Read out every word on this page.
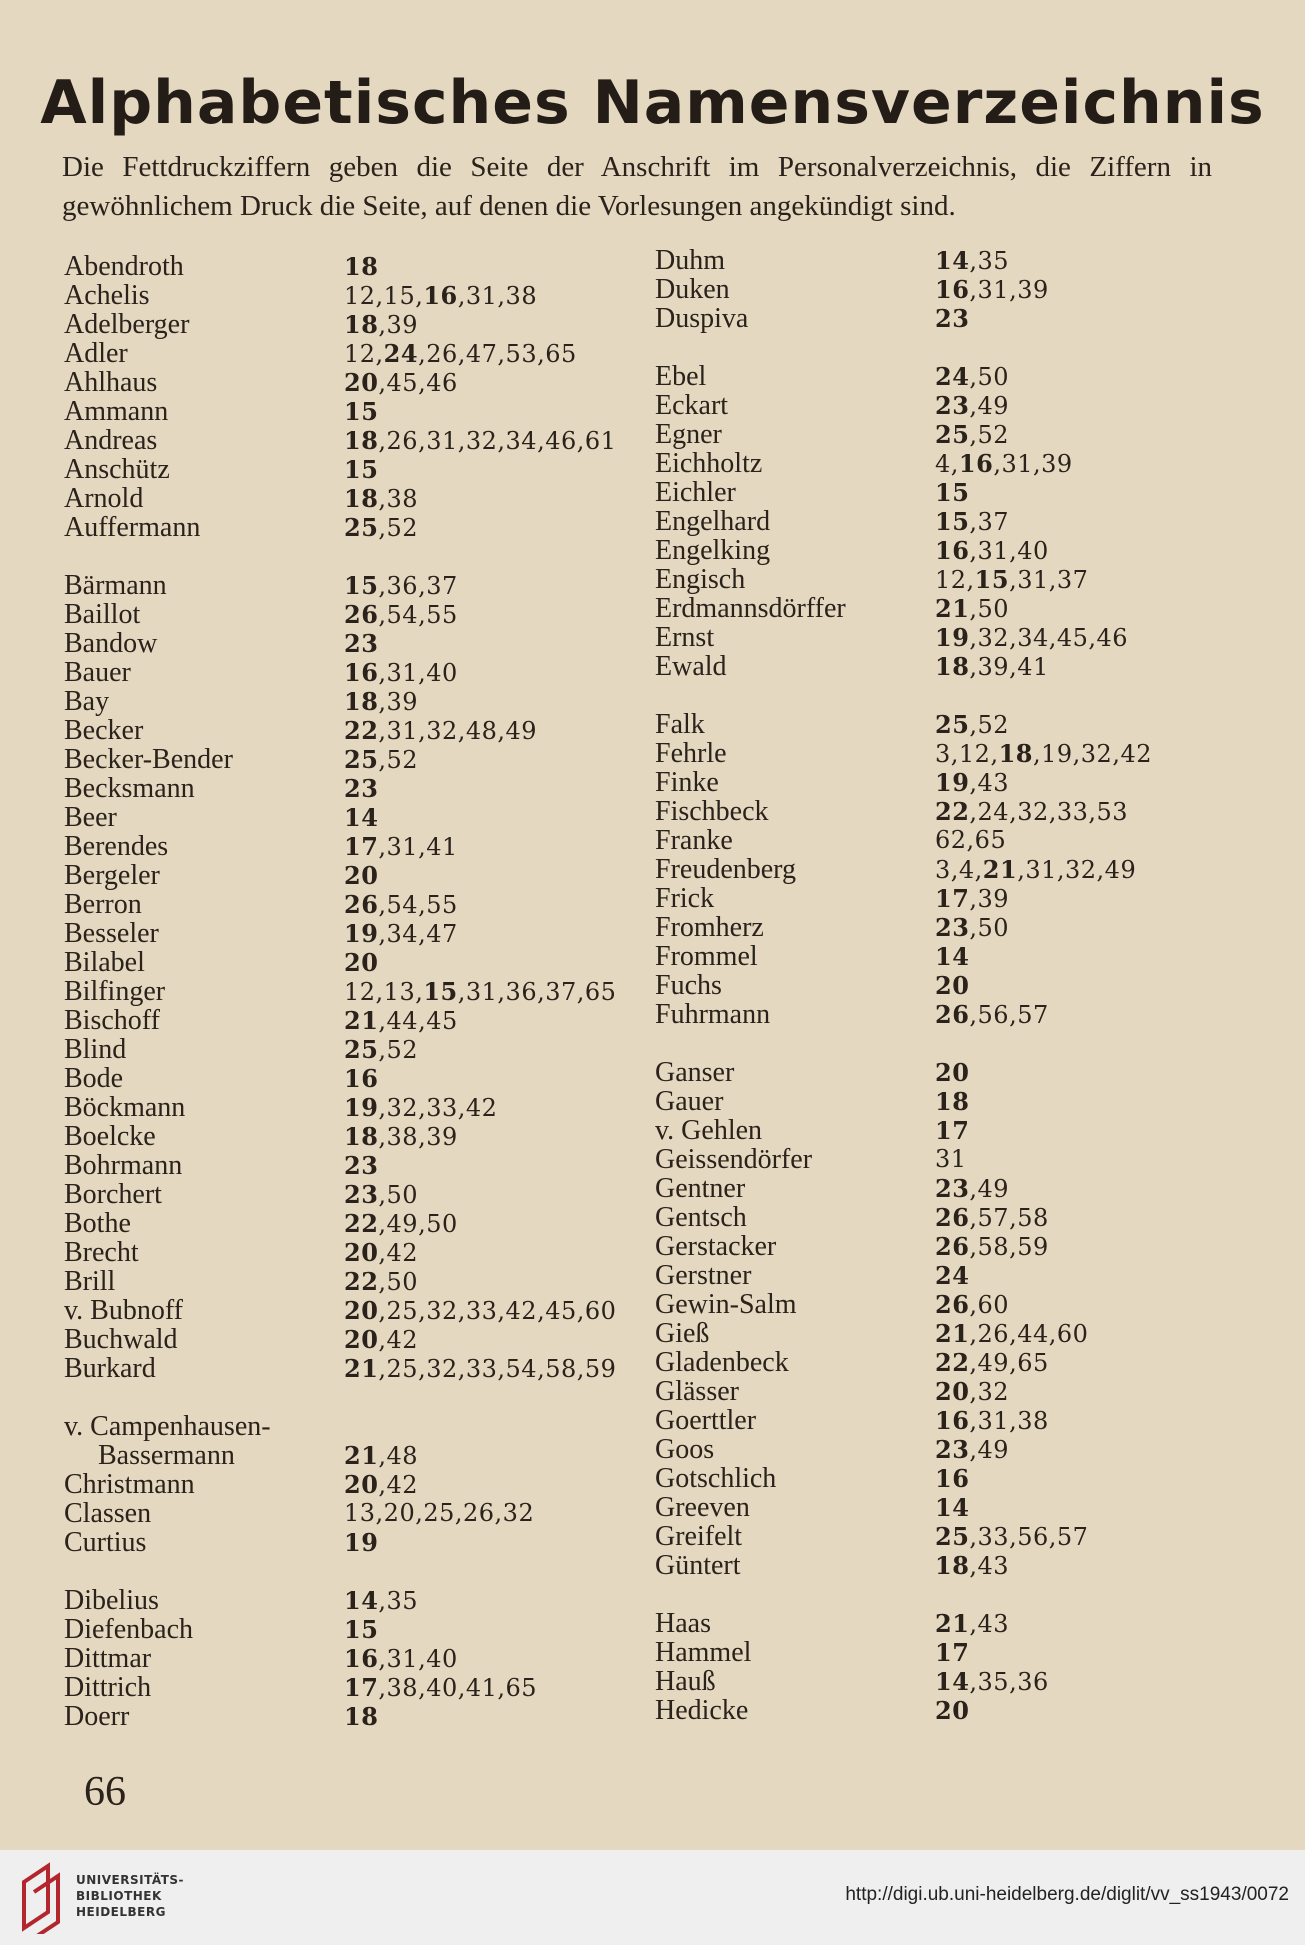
Alphabetisches Namensverzeichnis
Die Fettdruckziffern geben die Seite der Anschrift im Personalverzeichnis, die Ziffern in gewöhnlichem Druck die Seite, auf denen die Vorlesungen angekündigt sind.
Abendroth	18
Achelis	12,15,16,31,38
Adelberger	18,39
Adler	12,24,26,47,53,65
Ahlhaus	20,45,46
Ammann	15
Andreas	18,26,31,32,34,46,61
Anschütz	15
Arnold	18,38
Auffermann	25,52
Bärmann	15,36,37
Baillot	26,54,55
Bandow	23
Bauer	16,31,40
Bay	18,39
Becker	22,31,32,48,49
Becker-Bender	25,52
Becksmann	23
Beer	14
Berendes	17,31,41
Bergeler	20
Berron	26,54,55
Besseler	19,34,47
Bilabel	20
Bilfinger	12,13,15,31,36,37,65
Bischoff	21,44,45
Blind	25,52
Bode	16
Böckmann	19,32,33,42
Boelcke	18,38,39
Bohrmann	23
Borchert	23,50
Bothe	22,49,50
Brecht	20,42
Brill	22,50
v. Bubnoff	20,25,32,33,42,45,60
Buchwald	20,42
Burkard	21,25,32,33,54,58,59
v. Campenhausen-
Bassermann	21,48
Christmann	20,42
Classen	13,20,25,26,32
Curtius	19
Dibelius	14,35
Diefenbach	15
Dittmar	16,31,40
Dittrich	17,38,40,41,65
Doerr	18
Duhm	14,35
Duken	16,31,39
Duspiva	23
Ebel	24,50
Eckart	23,49
Egner	25,52
Eichholtz	4,16,31,39
Eichler	15
Engelhard	15,37
Engelking	16,31,40
Engisch	12,15,31,37
Erdmannsdörffer	21,50
Ernst	19,32,34,45,46
Ewald	18,39,41
Falk	25,52
Fehrle	3,12,18,19,32,42
Finke	19,43
Fischbeck	22,24,32,33,53
Franke	62,65
Freudenberg	3,4,21,31,32,49
Frick	17,39
Fromherz	23,50
Frommel	14
Fuchs	20
Fuhrmann	26,56,57
Ganser	20
Gauer	18
v. Gehlen	17
Geissendörfer	31
Gentner	23,49
Gentsch	26,57,58
Gerstacker	26,58,59
Gerstner	24
Gewin-Salm	26,60
Gieß	21,26,44,60
Gladenbeck	22,49,65
Glässer	20,32
Goerttler	16,31,38
Goos	23,49
Gotschlich	16
Greeven	14
Greifelt	25,33,56,57
Güntert	18,43
Haas	21,43
Hammel	17
Hauß	14,35,36
Hedicke	20
66
UNIVERSITÄTS-
BIBLIOTHEK
HEIDELBERG
http://digi.ub.uni-heidelberg.de/diglit/vv_ss1943/0072
